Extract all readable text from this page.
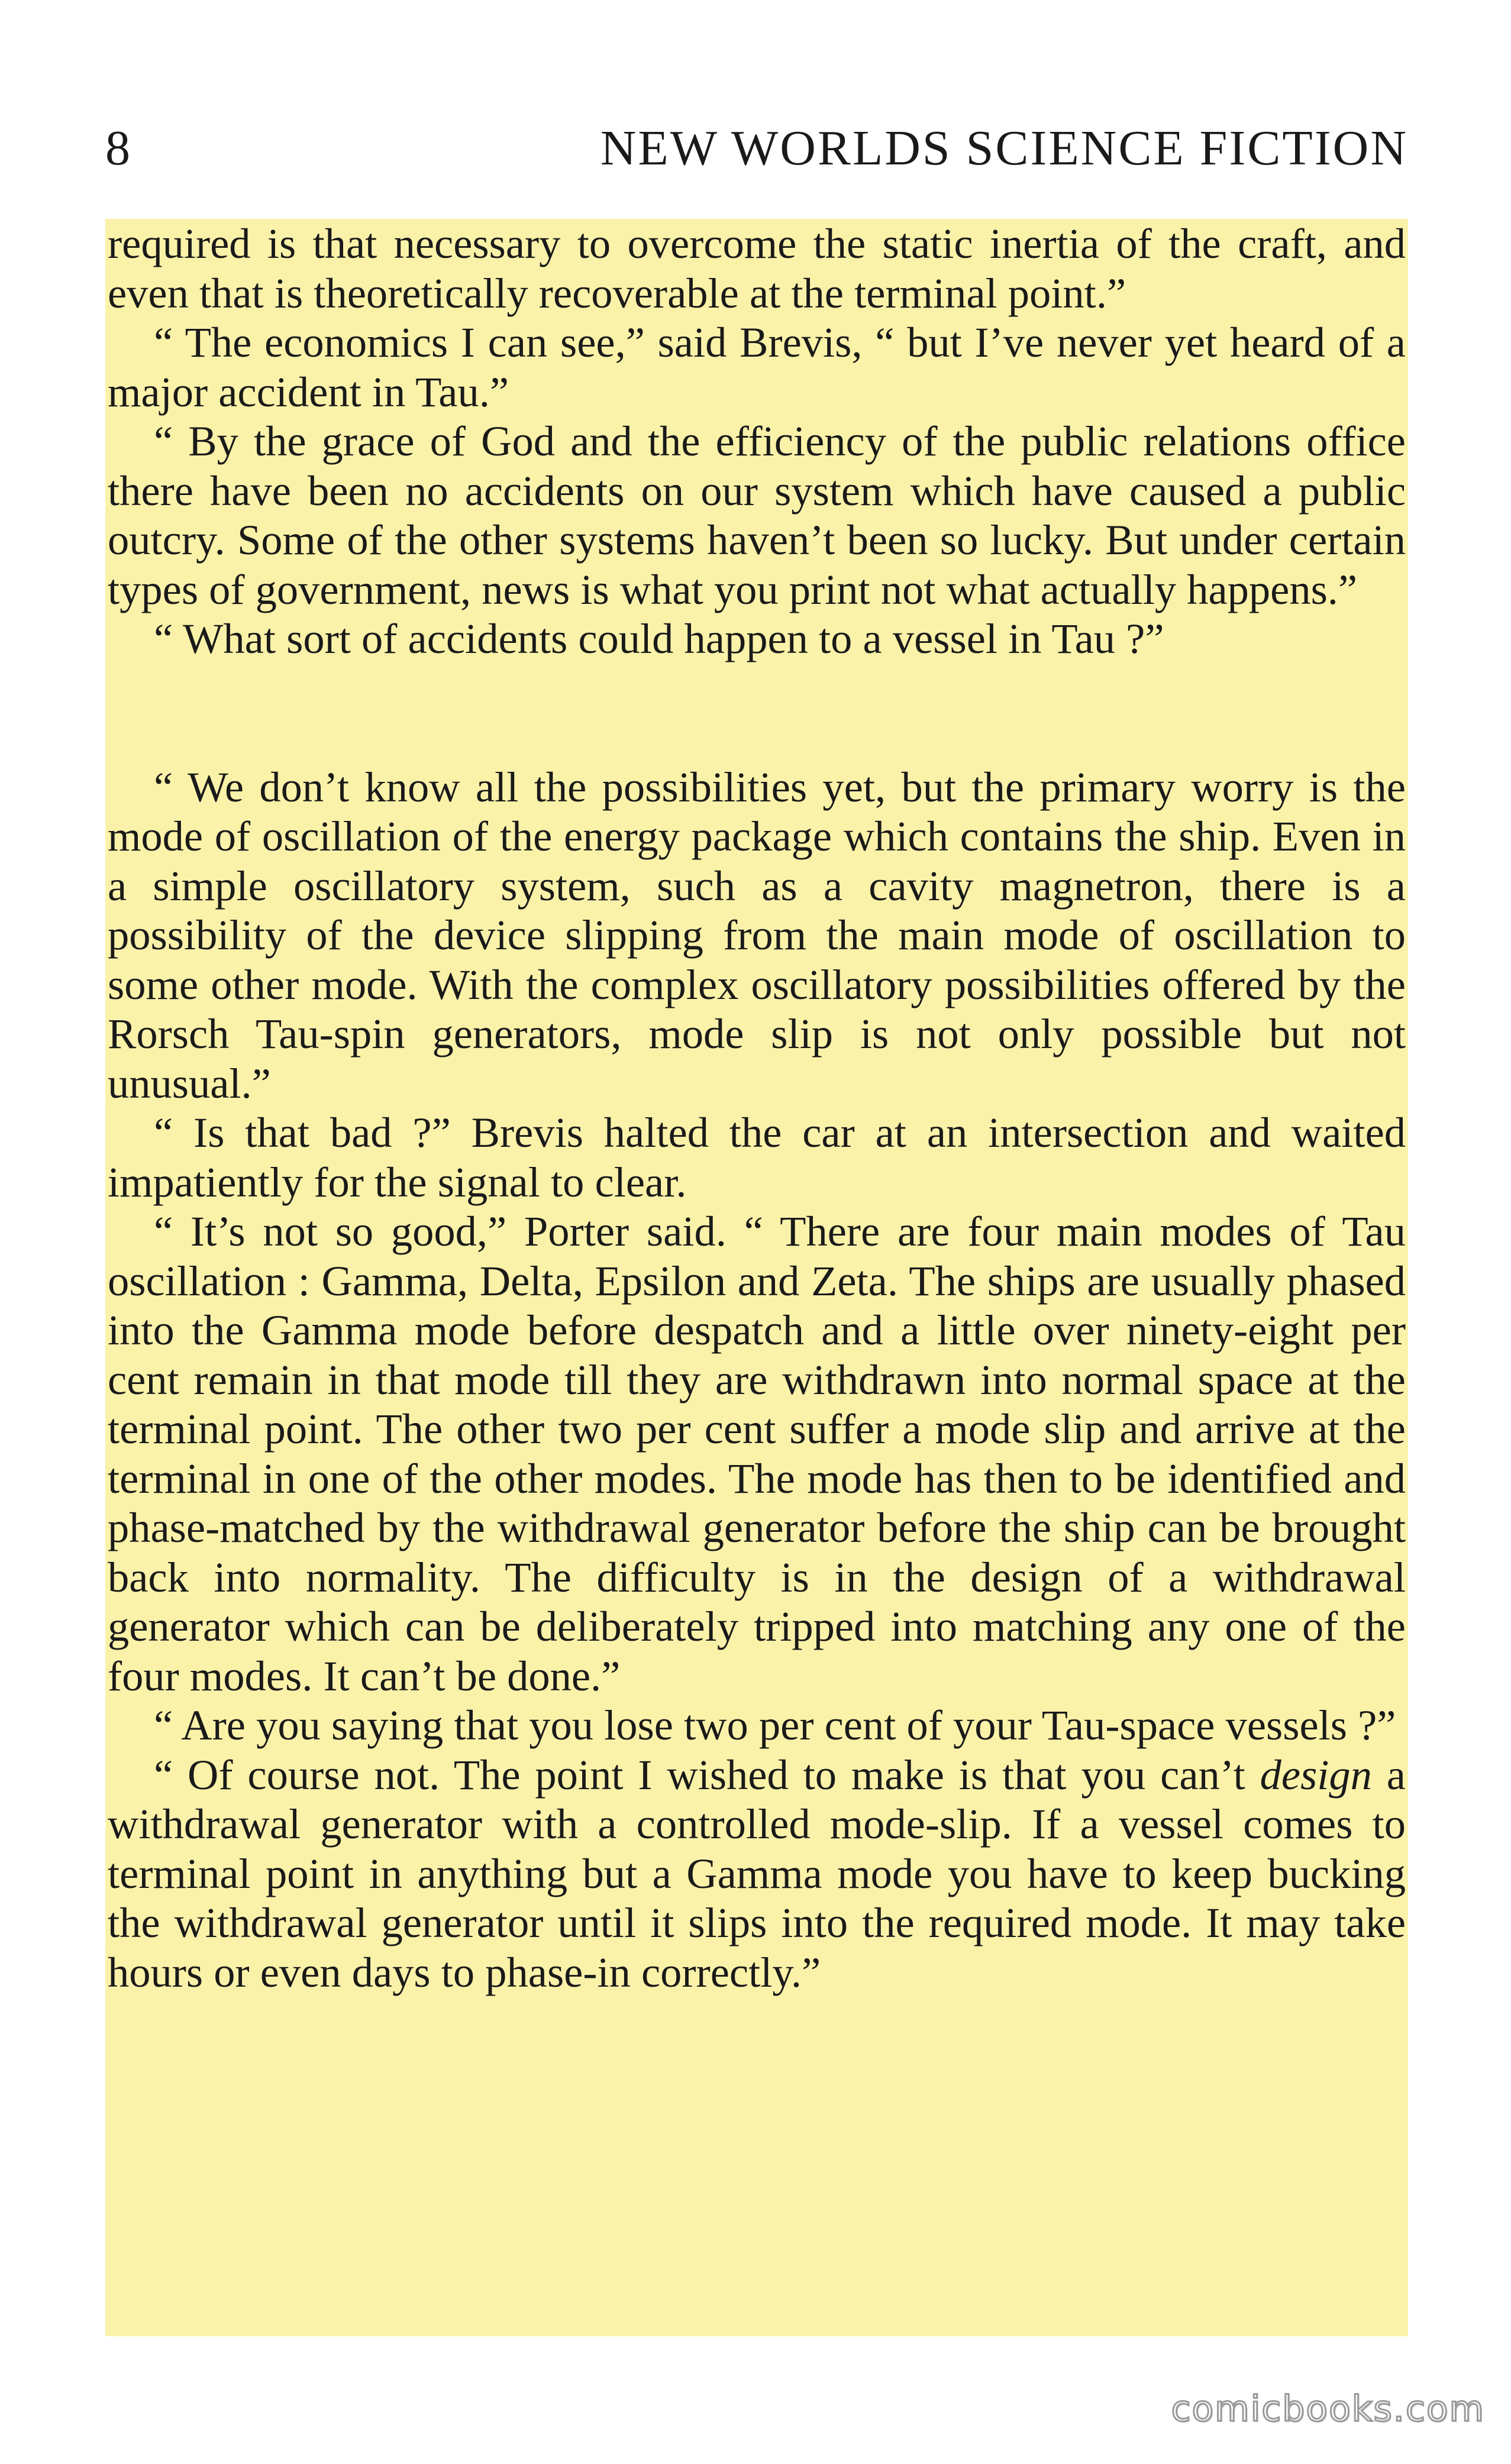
8	NEW WORLDS SCIENCE FICTION

required is that necessary to overcome the static inertia of the craft, and even that is theoretically recoverable at the terminal point.”

“ The economics I can see,” said Brevis, “ but I’ve never yet heard of a major accident in Tau.”

“ By the grace of God and the efficiency of the public relations office there have been no accidents on our system which have caused a public outcry. Some of the other systems haven’t been so lucky. But under certain types of government, news is what you print not what actually happens.”

“ What sort of accidents could happen to a vessel in Tau ?”

“ We don’t know all the possibilities yet, but the primary worry is the mode of oscillation of the energy package which contains the ship. Even in a simple oscillatory system, such as a cavity magnetron, there is a possibility of the device slipping from the main mode of oscillation to some other mode. With the complex oscillatory possibilities offered by the Rorsch Tau-spin generators, mode slip is not only possible but not unusual.”

“ Is that bad ?” Brevis halted the car at an intersection and waited impatiently for the signal to clear.

“ It’s not so good,” Porter said. “ There are four main modes of Tau oscillation : Gamma, Delta, Epsilon and Zeta. The ships are usually phased into the Gamma mode before despatch and a little over ninety-eight per cent remain in that mode till they are withdrawn into normal space at the terminal point. The other two per cent suffer a mode slip and arrive at the terminal in one of the other modes. The mode has then to be identified and phase-matched by the withdrawal generator before the ship can be brought back into normality. The difficulty is in the design of a withdrawal generator which can be deliberately tripped into matching any one of the four modes. It can’t be done.”

“ Are you saying that you lose two per cent of your Tau-space vessels ?”

“ Of course not. The point I wished to make is that you can’t design a withdrawal generator with a controlled mode-slip. If a vessel comes to terminal point in anything but a Gamma mode you have to keep bucking the withdrawal generator until it slips into the required mode. It may take hours or even days to phase-in correctly.”

comicbooks.com
